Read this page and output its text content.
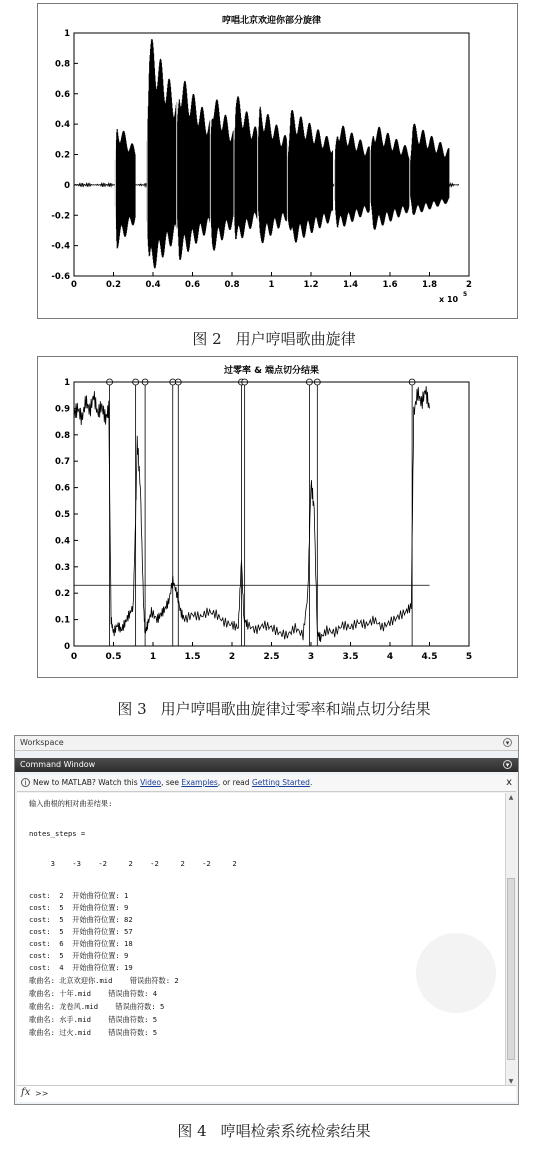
哼唱北京欢迎你部分旋律
0	0.2	0.4	0.6	0.8	1	1.2	1.4	1.6	1.8	2
1
0.8
0.6
0.4
0.2
0
-0.2
-0.4
-0.6
x 10
5
图 2 用户哼唱歌曲旋律
过零率 & 端点切分结果
0	0.5	1	1.5	2	2.5	3	3.5	4	4.5	5
1
0.9
0.8
0.7
0.6
0.5
0.4
0.3
0.2
0.1
0
图 3 用户哼唱歌曲旋律过零率和端点切分结果
Workspace	▾
Command Window	▾
i New to MATLAB? Watch this Video, see Examples, or read Getting Started.	x
输入曲根的相对曲差结果:
notes_steps =
3    -3    -2     2    -2     2    -2     2
cost:  2  开始曲符位置: 1
cost:  5  开始曲符位置: 9
cost:  5  开始曲符位置: 82
cost:  5  开始曲符位置: 57
cost:  6  开始曲符位置: 18
cost:  5  开始曲符位置: 9
cost:  4  开始曲符位置: 19
歌曲名: 北京欢迎你.mid    错误曲符数: 2
歌曲名: 十年.mid    错误曲符数: 4
歌曲名: 龙卷风.mid    错误曲符数: 5
歌曲名: 水手.mid    错误曲符数: 5
歌曲名: 过火.mid    错误曲符数: 5
▲
▼
fx >>
图 4 哼唱检索系统检索结果
